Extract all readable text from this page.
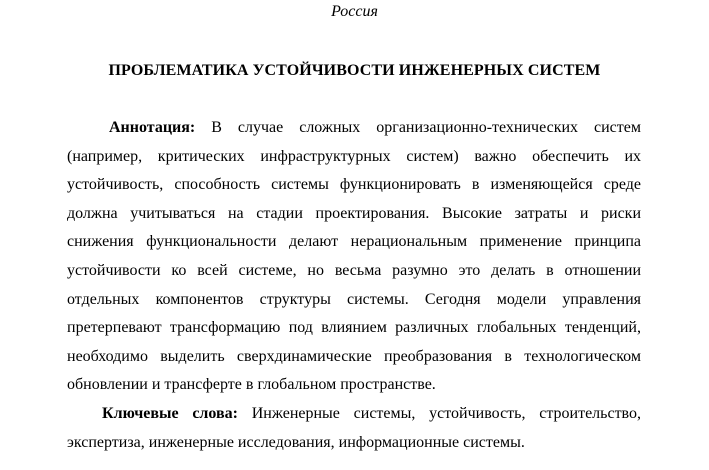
Россия
ПРОБЛЕМАТИКА УСТОЙЧИВОСТИ ИНЖЕНЕРНЫХ СИСТЕМ

Аннотация: В случае сложных организационно-технических систем (например, критических инфраструктурных систем) важно обеспечить их устойчивость, способность системы функционировать в изменяющейся среде должна учитываться на стадии проектирования. Высокие затраты и риски снижения функциональности делают нерациональным применение принципа устойчивости ко всей системе, но весьма разумно это делать в отношении отдельных компонентов структуры системы. Сегодня модели управления претерпевают трансформацию под влиянием различных глобальных тенденций, необходимо выделить сверхдинамические преобразования в технологическом обновлении и трансферте в глобальном пространстве.

Ключевые слова: Инженерные системы, устойчивость, строительство, экспертиза, инженерные исследования, информационные системы.
